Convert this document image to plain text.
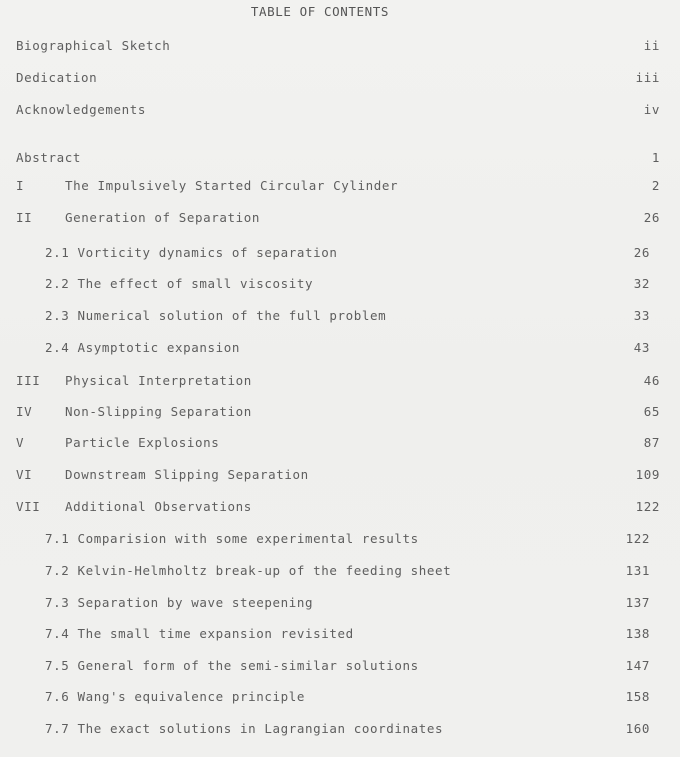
TABLE OF CONTENTS
Biographical Sketch	ii
Dedication	iii
Acknowledgements	iv
Abstract	1
I	The Impulsively Started Circular Cylinder	2
II	Generation of Separation	26
2.1 Vorticity dynamics of separation	26
2.2 The effect of small viscosity	32
2.3 Numerical solution of the full problem	33
2.4 Asymptotic expansion	43
III Physical Interpretation	46
IV	Non-Slipping Separation	65
V	Particle Explosions	87
VI	Downstream Slipping Separation	109
VII Additional Observations	122
7.1 Comparision with some experimental results	122
7.2 Kelvin-Helmholtz break-up of the feeding sheet	131
7.3 Separation by wave steepening	137
7.4 The small time expansion revisited	138
7.5 General form of the semi-similar solutions	147
7.6 Wang's equivalence principle	158
7.7 The exact solutions in Lagrangian coordinates	160
